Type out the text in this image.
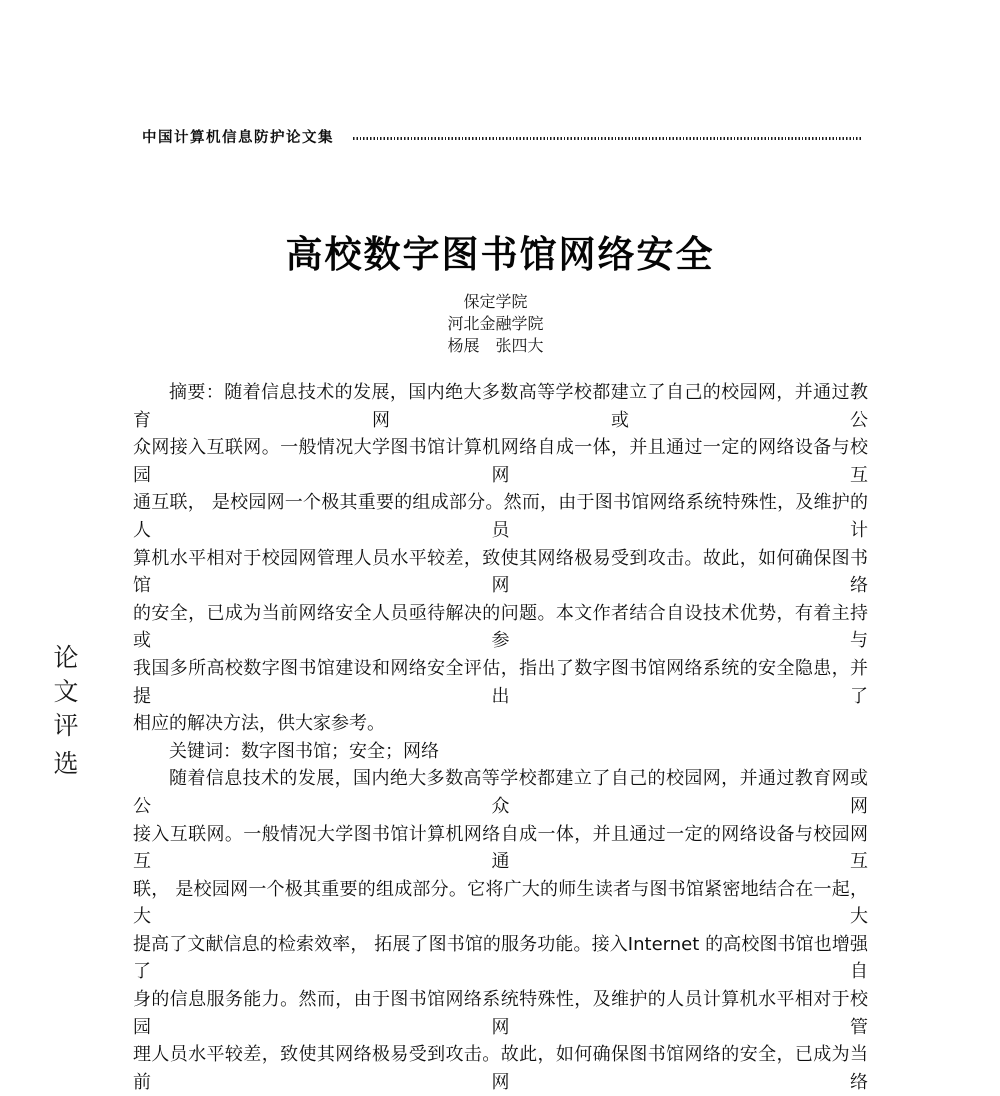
中国计算机信息防护论文集
高校数字图书馆网络安全
保定学院
河北金融学院
杨展　张四大
摘要：随着信息技术的发展，国内绝大多数高等学校都建立了自己的校园网，并通过教育网或公
众网接入互联网。一般情况大学图书馆计算机网络自成一体，并且通过一定的网络设备与校园网互
通互联， 是校园网一个极其重要的组成部分。然而，由于图书馆网络系统特殊性，及维护的人员计
算机水平相对于校园网管理人员水平较差，致使其网络极易受到攻击。故此，如何确保图书馆网络
的安全，已成为当前网络安全人员亟待解决的问题。本文作者结合自设技术优势，有着主持或参与
我国多所高校数字图书馆建设和网络安全评估，指出了数字图书馆网络系统的安全隐患，并提出了
相应的解决方法，供大家参考。
关键词：数字图书馆；安全；网络
随着信息技术的发展，国内绝大多数高等学校都建立了自己的校园网，并通过教育网或公众网
接入互联网。一般情况大学图书馆计算机网络自成一体，并且通过一定的网络设备与校园网互通互
联， 是校园网一个极其重要的组成部分。它将广大的师生读者与图书馆紧密地结合在一起， 大大
提高了文献信息的检索效率， 拓展了图书馆的服务功能。接入Internet 的高校图书馆也增强了自
身的信息服务能力。然而，由于图书馆网络系统特殊性，及维护的人员计算机水平相对于校园网管
理人员水平较差，致使其网络极易受到攻击。故此，如何确保图书馆网络的安全，已成为当前网络
论
文
评
选
